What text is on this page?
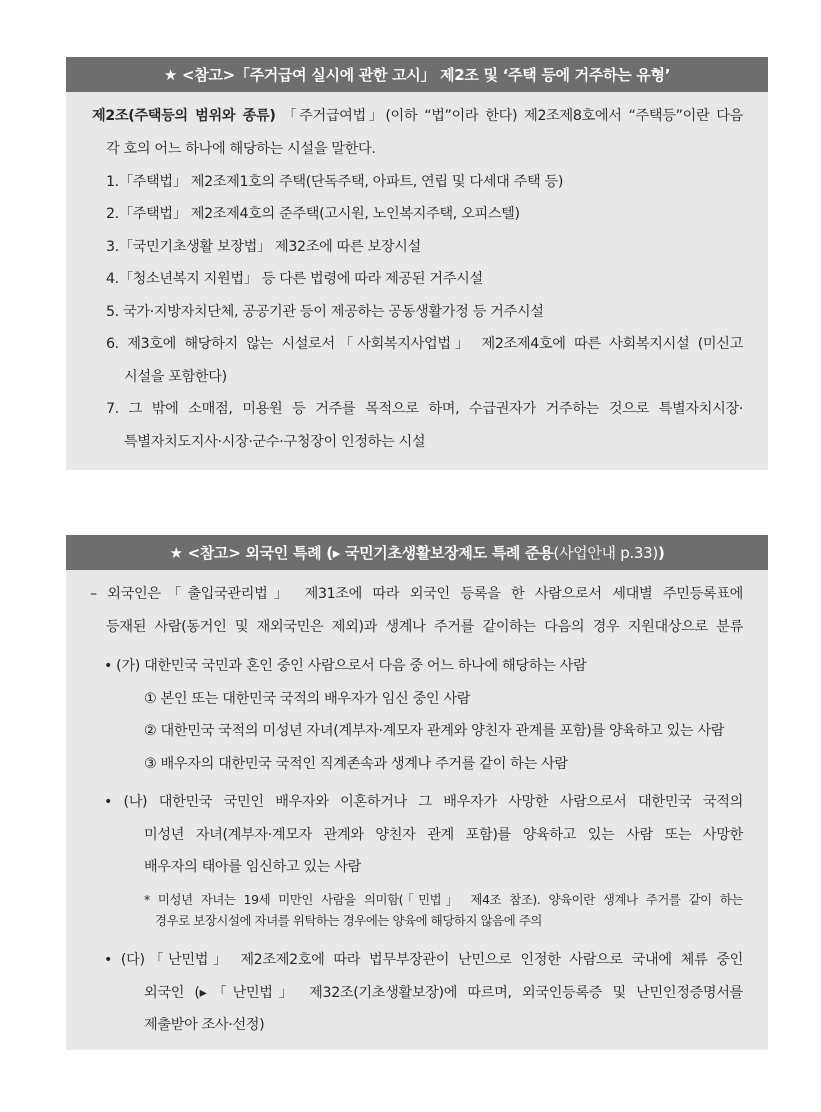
★ <참고>「주거급여 실시에 관한 고시」 제2조 및 ‘주택 등에 거주하는 유형’
제2조(주택등의 범위와 종류) 「주거급여법」(이하 “법”이라 한다) 제2조제8호에서 “주택등”이란 다음
각 호의 어느 하나에 해당하는 시설을 말한다.
1.「주택법」 제2조제1호의 주택(단독주택, 아파트, 연립 및 다세대 주택 등)
2.「주택법」 제2조제4호의 준주택(고시원, 노인복지주택, 오피스텔)
3.「국민기초생활 보장법」 제32조에 따른 보장시설
4.「청소년복지 지원법」 등 다른 법령에 따라 제공된 거주시설
5. 국가·지방자치단체, 공공기관 등이 제공하는 공동생활가정 등 거주시설
6. 제3호에 해당하지 않는 시설로서「사회복지사업법」 제2조제4호에 따른 사회복지시설 (미신고
시설을 포함한다)
7. 그 밖에 소매점, 미용원 등 거주를 목적으로 하며, 수급권자가 거주하는 것으로 특별자치시장·
특별자치도지사·시장·군수·구청장이 인정하는 시설
★ <참고> 외국인 특례 (▸ 국민기초생활보장제도 특례 준용 (사업안내 p.33) )
– 외국인은「출입국관리법」 제31조에 따라 외국인 등록을 한 사람으로서 세대별 주민등록표에
등재된 사람(동거인 및 재외국민은 제외)과 생계나 주거를 같이하는 다음의 경우 지원대상으로 분류
• (가) 대한민국 국민과 혼인 중인 사람으로서 다음 중 어느 하나에 해당하는 사람
① 본인 또는 대한민국 국적의 배우자가 임신 중인 사람
② 대한민국 국적의 미성년 자녀(계부자·계모자 관계와 양친자 관계를 포함)를 양육하고 있는 사람
③ 배우자의 대한민국 국적인 직계존속과 생계나 주거를 같이 하는 사람
• (나) 대한민국 국민인 배우자와 이혼하거나 그 배우자가 사망한 사람으로서 대한민국 국적의
미성년 자녀(계부자·계모자 관계와 양친자 관계 포함)를 양육하고 있는 사람 또는 사망한
배우자의 태아를 임신하고 있는 사람
* 미성년 자녀는 19세 미만인 사람을 의미함(「민법」 제4조 참조). 양육이란 생계나 주거를 같이 하는
경우로 보장시설에 자녀를 위탁하는 경우에는 양육에 해당하지 않음에 주의
• (다)「난민법」 제2조제2호에 따라 법무부장관이 난민으로 인정한 사람으로 국내에 체류 중인
외국인 (▸「난민법」 제32조(기초생활보장)에 따르며, 외국인등록증 및 난민인정증명서를
제출받아 조사·선정)
